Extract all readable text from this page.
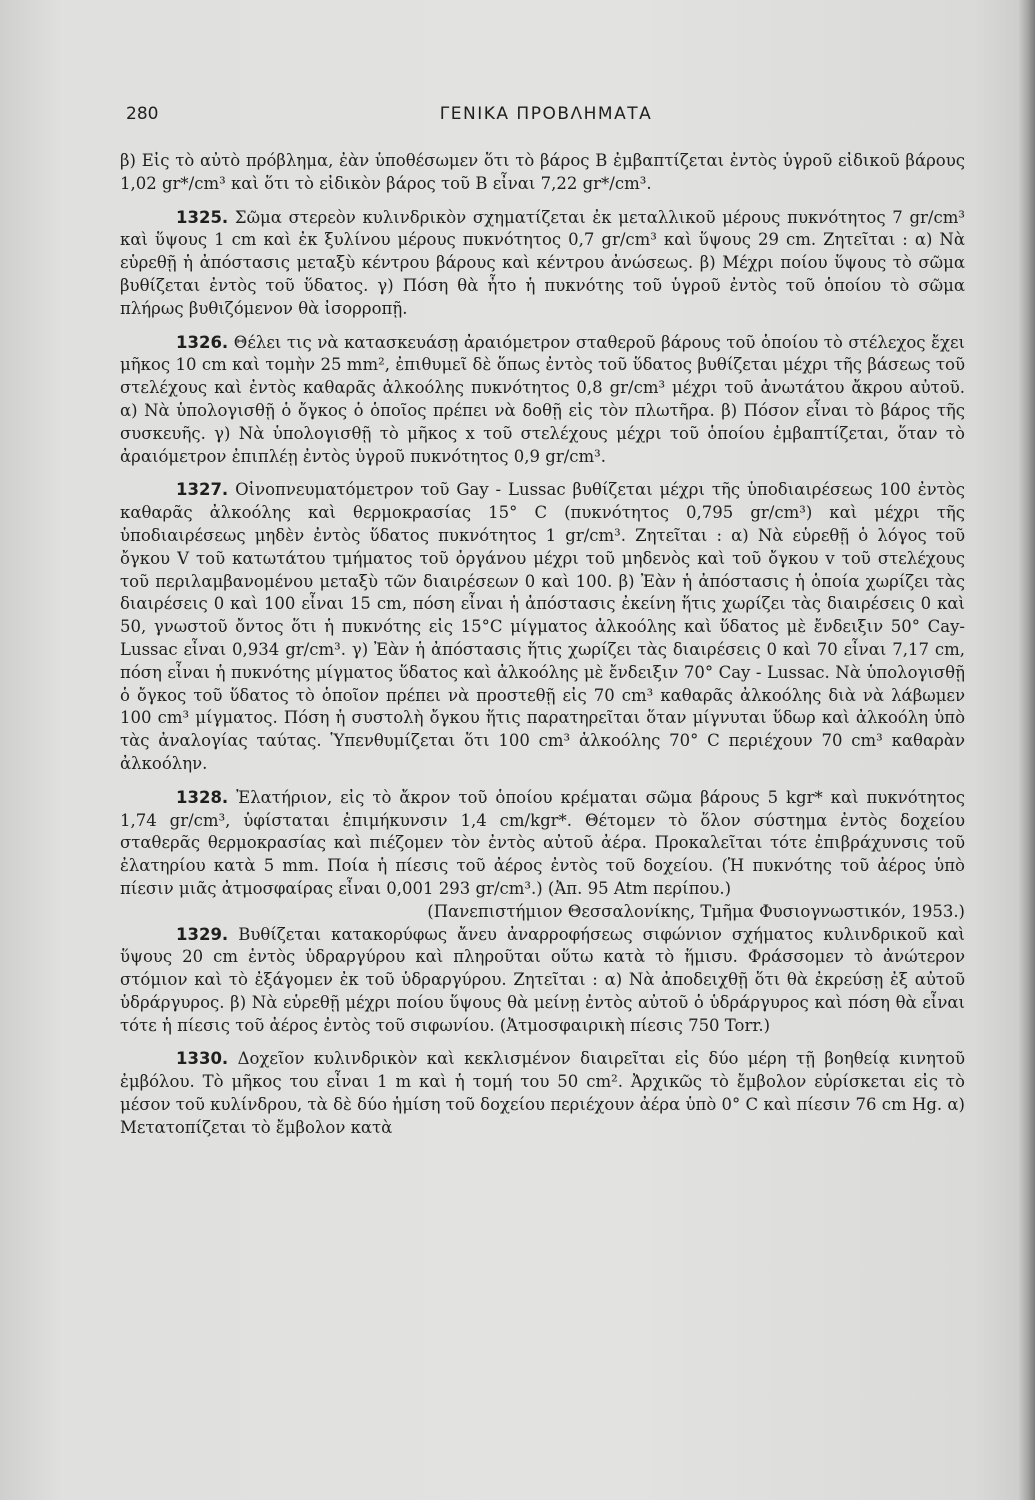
280	ΓΕΝΙΚΑ ΠΡΟΒΛΗΜΑΤΑ

β) Εἰς τὸ αὐτὸ πρόβλημα, ἐὰν ὑποθέσωμεν ὅτι τὸ βάρος Β ἐμβαπτίζεται ἐντὸς ὑγροῦ εἰδικοῦ βάρους 1,02 gr*/cm³ καὶ ὅτι τὸ εἰδικὸν βάρος τοῦ Β εἶναι 7,22 gr*/cm³.

1325. Σῶμα στερεὸν κυλινδρικὸν σχηματίζεται ἐκ μεταλλικοῦ μέρους πυκνότητος 7 gr/cm³ καὶ ὕψους 1 cm καὶ ἐκ ξυλίνου μέρους πυκνότητος 0,7 gr/cm³ καὶ ὕψους 29 cm. Ζητεῖται : α) Νὰ εὑρεθῇ ἡ ἀπόστασις μεταξὺ κέντρου βάρους καὶ κέντρου ἀνώσεως. β) Μέχρι ποίου ὕψους τὸ σῶμα βυθίζεται ἐντὸς τοῦ ὕδατος. γ) Πόση θὰ ἦτο ἡ πυκνότης τοῦ ὑγροῦ ἐντὸς τοῦ ὁποίου τὸ σῶμα πλήρως βυθιζόμενον θὰ ἰσορροπῇ.

1326. Θέλει τις νὰ κατασκευάσῃ ἀραιόμετρον σταθεροῦ βάρους τοῦ ὁποίου τὸ στέλεχος ἔχει μῆκος 10 cm καὶ τομὴν 25 mm², ἐπιθυμεῖ δὲ ὅπως ἐντὸς τοῦ ὕδατος βυθίζεται μέχρι τῆς βάσεως τοῦ στελέχους καὶ ἐντὸς καθαρᾶς ἀλκοόλης πυκνότητος 0,8 gr/cm³ μέχρι τοῦ ἀνωτάτου ἄκρου αὐτοῦ. α) Νὰ ὑπολογισθῇ ὁ ὄγκος ὁ ὁποῖος πρέπει νὰ δοθῇ εἰς τὸν πλωτῆρα. β) Πόσον εἶναι τὸ βάρος τῆς συσκευῆς. γ) Νὰ ὑπολογισθῇ τὸ μῆκος x τοῦ στελέχους μέχρι τοῦ ὁποίου ἐμβαπτίζεται, ὅταν τὸ ἀραιόμετρον ἐπιπλέῃ ἐντὸς ὑγροῦ πυκνότητος 0,9 gr/cm³.

1327. Οἰνοπνευματόμετρον τοῦ Gay - Lussac βυθίζεται μέχρι τῆς ὑποδιαιρέσεως 100 ἐντὸς καθαρᾶς ἀλκοόλης καὶ θερμοκρασίας 15° C (πυκνότητος 0,795 gr/cm³) καὶ μέχρι τῆς ὑποδιαιρέσεως μηδὲν ἐντὸς ὕδατος πυκνότητος 1 gr/cm³. Ζητεῖται : α) Νὰ εὑρεθῇ ὁ λόγος τοῦ ὄγκου V τοῦ κατωτάτου τμήματος τοῦ ὀργάνου μέχρι τοῦ μηδενὸς καὶ τοῦ ὄγκου v τοῦ στελέχους τοῦ περιλαμβανομένου μεταξὺ τῶν διαιρέσεων 0 καὶ 100. β) Ἐὰν ἡ ἀπόστασις ἡ ὁποία χωρίζει τὰς διαιρέσεις 0 καὶ 100 εἶναι 15 cm, πόση εἶναι ἡ ἀπόστασις ἐκείνη ἥτις χωρίζει τὰς διαιρέσεις 0 καὶ 50, γνωστοῦ ὄντος ὅτι ἡ πυκνότης εἰς 15°C μίγματος ἀλκοόλης καὶ ὕδατος μὲ ἔνδειξιν 50° Cay-Lussac εἶναι 0,934 gr/cm³. γ) Ἐὰν ἡ ἀπόστασις ἥτις χωρίζει τὰς διαιρέσεις 0 καὶ 70 εἶναι 7,17 cm, πόση εἶναι ἡ πυκνότης μίγματος ὕδατος καὶ ἀλκοόλης μὲ ἔνδειξιν 70° Cay - Lussac. Νὰ ὑπολογισθῇ ὁ ὄγκος τοῦ ὕδατος τὸ ὁποῖον πρέπει νὰ προστεθῇ εἰς 70 cm³ καθαρᾶς ἀλκοόλης διὰ νὰ λάβωμεν 100 cm³ μίγματος. Πόση ἡ συστολὴ ὄγκου ἥτις παρατηρεῖται ὅταν μίγνυται ὕδωρ καὶ ἀλκοόλη ὑπὸ τὰς ἀναλογίας ταύτας. Ὑπενθυμίζεται ὅτι 100 cm³ ἀλκοόλης 70° C περιέχουν 70 cm³ καθαρὰν ἀλκοόλην.

1328. Ἐλατήριον, εἰς τὸ ἄκρον τοῦ ὁποίου κρέμαται σῶμα βάρους 5 kgr* καὶ πυκνότητος 1,74 gr/cm³, ὑφίσταται ἐπιμήκυνσιν 1,4 cm/kgr*. Θέτομεν τὸ ὅλον σύστημα ἐντὸς δοχείου σταθερᾶς θερμοκρασίας καὶ πιέζομεν τὸν ἐντὸς αὐτοῦ ἀέρα. Προκαλεῖται τότε ἐπιβράχυνσις τοῦ ἐλατηρίου κατὰ 5 mm. Ποία ἡ πίεσις τοῦ ἀέρος ἐντὸς τοῦ δοχείου. (Ἡ πυκνότης τοῦ ἀέρος ὑπὸ πίεσιν μιᾶς ἀτμοσφαίρας εἶναι 0,001 293 gr/cm³.) (Ἀπ. 95 Atm περίπου.)

(Πανεπιστήμιον Θεσσαλονίκης, Τμῆμα Φυσιογνωστικόν, 1953.)

1329. Βυθίζεται κατακορύφως ἄνευ ἀναρροφήσεως σιφώνιον σχήματος κυλινδρικοῦ καὶ ὕψους 20 cm ἐντὸς ὑδραργύρου καὶ πληροῦται οὕτω κατὰ τὸ ἥμισυ. Φράσσομεν τὸ ἀνώτερον στόμιον καὶ τὸ ἐξάγομεν ἐκ τοῦ ὑδραργύρου. Ζητεῖται : α) Νὰ ἀποδειχθῇ ὅτι θὰ ἐκρεύσῃ ἐξ αὐτοῦ ὑδράργυρος. β) Νὰ εὑρεθῇ μέχρι ποίου ὕψους θὰ μείνῃ ἐντὸς αὐτοῦ ὁ ὑδράργυρος καὶ πόση θὰ εἶναι τότε ἡ πίεσις τοῦ ἀέρος ἐντὸς τοῦ σιφωνίου. (Ἀτμοσφαιρικὴ πίεσις 750 Torr.)

1330. Δοχεῖον κυλινδρικὸν καὶ κεκλισμένον διαιρεῖται εἰς δύο μέρη τῇ βοηθείᾳ κινητοῦ ἐμβόλου. Τὸ μῆκος του εἶναι 1 m καὶ ἡ τομή του 50 cm². Ἀρχικῶς τὸ ἔμβολον εὑρίσκεται εἰς τὸ μέσον τοῦ κυλίνδρου, τὰ δὲ δύο ἡμίση τοῦ δοχείου περιέχουν ἀέρα ὑπὸ 0° C καὶ πίεσιν 76 cm Hg. α) Μετατοπίζεται τὸ ἔμβολον κατὰ
